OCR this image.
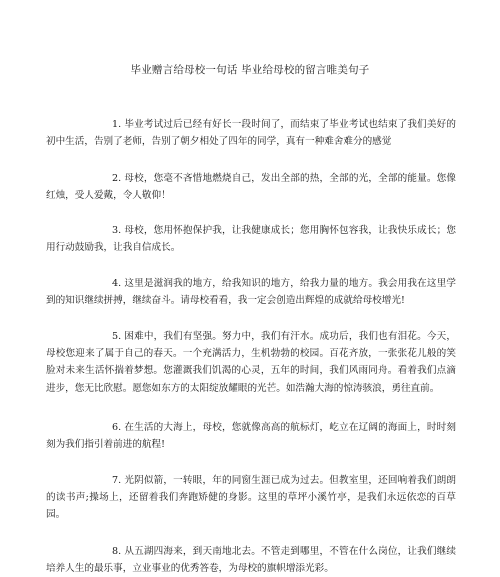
毕业赠言给母校一句话 毕业给母校的留言唯美句子

1. 毕业考试过后已经有好长一段时间了，而结束了毕业考试也结束了我们美好的初中生活，告别了老师，告别了朝夕相处了四年的同学，真有一种难舍难分的感觉

2. 母校，您毫不吝惜地燃烧自己，发出全部的热，全部的光，全部的能量。您像红烛，受人爱戴，令人敬仰！

3. 母校，您用怀抱保护我，让我健康成长；您用胸怀包容我，让我快乐成长；您用行动鼓励我，让我自信成长。

4. 这里是滋润我的地方，给我知识的地方，给我力量的地方。我会用我在这里学到的知识继续拼搏，继续奋斗。请母校看看，我一定会创造出辉煌的成就给母校增光!

5. 困难中，我们有坚强。努力中，我们有汗水。成功后，我们也有泪花。今天，母校您迎来了属于自己的春天。一个充满活力，生机勃勃的校园。百花齐放，一张张花儿般的笑脸对未来生活怀揣着梦想。您灌溉我们饥渴的心灵，五年的时间，我们风雨同舟。看着我们点滴进步，您无比欣慰。愿您如东方的太阳绽放耀眼的光芒。如浩瀚大海的惊涛骇浪，勇往直前。

6. 在生活的大海上，母校，您就像高高的航标灯，屹立在辽阔的海面上，时时刻刻为我们指引着前进的航程!

7. 光阴似箭，一转眼，年的同窗生涯已成为过去。但教室里，还回响着我们朗朗的读书声;操场上，还留着我们奔跑矫健的身影。这里的草坪小溪竹亭，是我们永远依恋的百草园。

8. 从五湖四海来，到天南地北去。不管走到哪里，不管在什么岗位，让我们继续培养人生的最乐事，立业事业的优秀答卷，为母校的旗帜增添光彩。
